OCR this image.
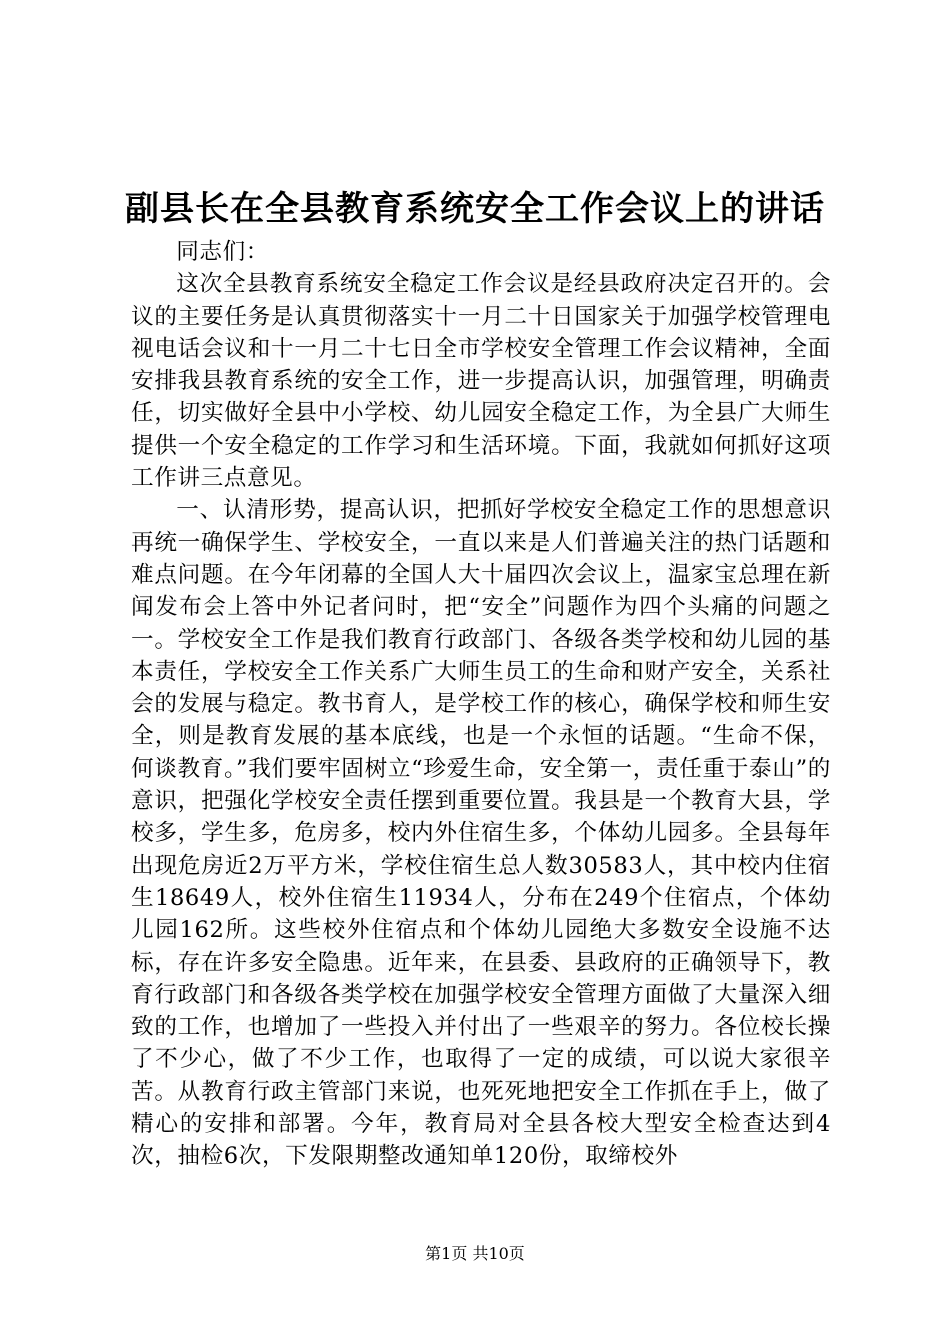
副县长在全县教育系统安全工作会议上的讲话

同志们：

这次全县教育系统安全稳定工作会议是经县政府决定召开的。会议的主要任务是认真贯彻落实十一月二十日国家关于加强学校管理电视电话会议和十一月二十七日全市学校安全管理工作会议精神，全面安排我县教育系统的安全工作，进一步提高认识，加强管理，明确责任，切实做好全县中小学校、幼儿园安全稳定工作，为全县广大师生提供一个安全稳定的工作学习和生活环境。下面，我就如何抓好这项工作讲三点意见。

一、认清形势，提高认识，把抓好学校安全稳定工作的思想意识再统一确保学生、学校安全，一直以来是人们普遍关注的热门话题和难点问题。在今年闭幕的全国人大十届四次会议上，温家宝总理在新闻发布会上答中外记者问时，把“安全”问题作为四个头痛的问题之一。学校安全工作是我们教育行政部门、各级各类学校和幼儿园的基本责任，学校安全工作关系广大师生员工的生命和财产安全，关系社会的发展与稳定。教书育人，是学校工作的核心，确保学校和师生安全，则是教育发展的基本底线，也是一个永恒的话题。“生命不保，何谈教育。”我们要牢固树立“珍爱生命，安全第一，责任重于泰山”的意识，把强化学校安全责任摆到重要位置。我县是一个教育大县，学校多，学生多，危房多，校内外住宿生多，个体幼儿园多。全县每年出现危房近2万平方米，学校住宿生总人数30583人，其中校内住宿生18649人，校外住宿生11934人，分布在249个住宿点，个体幼儿园162所。这些校外住宿点和个体幼儿园绝大多数安全设施不达标，存在许多安全隐患。近年来，在县委、县政府的正确领导下，教育行政部门和各级各类学校在加强学校安全管理方面做了大量深入细致的工作，也增加了一些投入并付出了一些艰辛的努力。各位校长操了不少心，做了不少工作，也取得了一定的成绩，可以说大家很辛苦。从教育行政主管部门来说，也死死地把安全工作抓在手上，做了精心的安排和部署。今年，教育局对全县各校大型安全检查达到4次，抽检6次，下发限期整改通知单120份，取缔校外

第1页 共10页
